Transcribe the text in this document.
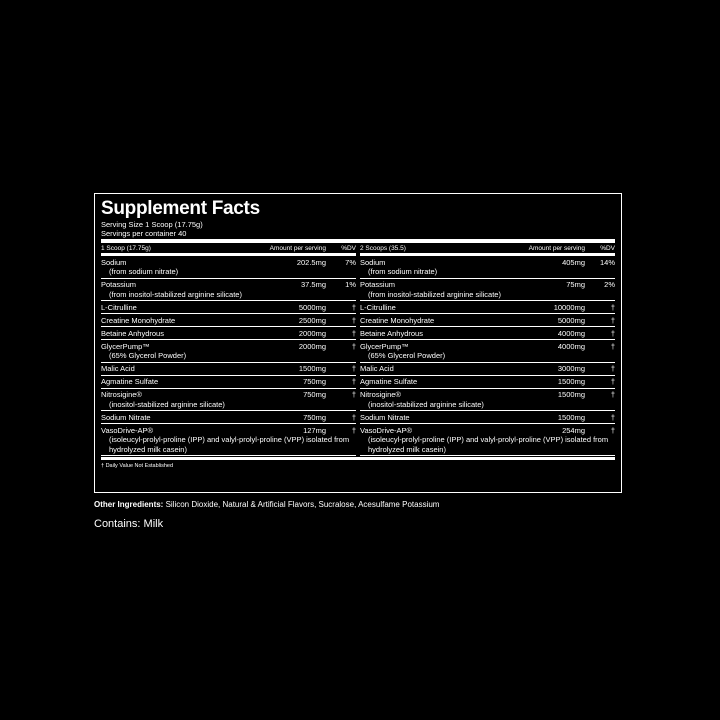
Supplement Facts
Serving Size 1 Scoop (17.75g)
Servings per container 40
1 Scoop (17.75g)	Amount per serving	%DV
Sodium	202.5mg	7%
(from sodium nitrate)
Potassium	37.5mg	1%
(from inositol-stabilized arginine silicate)
L-Citrulline	5000mg	†
Creatine Monohydrate	2500mg	†
Betaine Anhydrous	2000mg	†
GlycerPump™	2000mg	†
(65% Glycerol Powder)
Malic Acid	1500mg	†
Agmatine Sulfate	750mg	†
Nitrosigine®	750mg	†
(inositol-stabilized arginine silicate)
Sodium Nitrate	750mg	†
VasoDrive-AP®	127mg	†
(isoleucyl-prolyl-proline (IPP) and valyl-prolyl-proline (VPP) isolated from hydrolyzed milk casein)
2 Scoops (35.5)	Amount per serving	%DV
Sodium	405mg	14%
(from sodium nitrate)
Potassium	75mg	2%
(from inositol-stabilized arginine silicate)
L-Citrulline	10000mg	†
Creatine Monohydrate	5000mg	†
Betaine Anhydrous	4000mg	†
GlycerPump™	4000mg	†
(65% Glycerol Powder)
Malic Acid	3000mg	†
Agmatine Sulfate	1500mg	†
Nitrosigine®	1500mg	†
(inositol-stabilized arginine silicate)
Sodium Nitrate	1500mg	†
VasoDrive-AP®	254mg	†
(isoleucyl-prolyl-proline (IPP) and valyl-prolyl-proline (VPP) isolated from hydrolyzed milk casein)
† Daily Value Not Established
Other Ingredients: Silicon Dioxide, Natural & Artificial Flavors, Sucralose, Acesulfame Potassium
Contains: Milk
